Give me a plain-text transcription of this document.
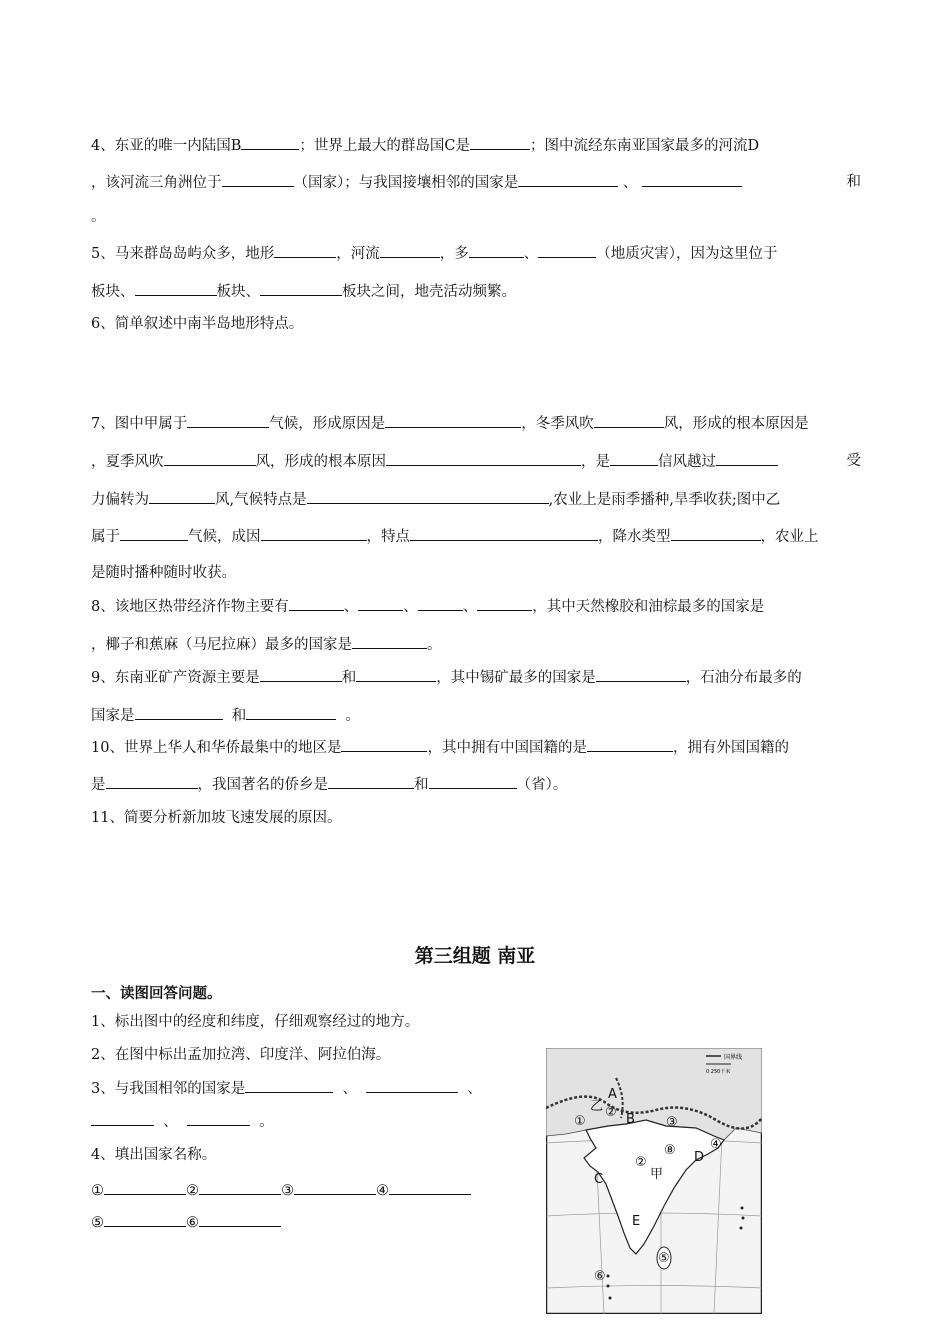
4、东亚的唯一内陆国B	；世界上最大的群岛国C是	；图中流经东南亚国家最多的河流D
，该河流三角洲位于	（国家）；与我国接壤相邻的国家是	、	和
。
5、马来群岛岛屿众多，地形	，河流	，多	、	（地质灾害），因为这里位于
板块、	板块、	板块之间，地壳活动频繁。
6、简单叙述中南半岛地形特点。
7、图中甲属于	气候，形成原因是	，冬季风吹	风，形成的根本原因是
，夏季风吹	风，形成的根本原因	，是	信风越过	受
力偏转为	风,气候特点是	,农业上是雨季播种,旱季收获;图中乙
属于	气候，成因	，特点	，降水类型	，农业上
是随时播种随时收获。
8、该地区热带经济作物主要有	、	、	、	，其中天然橡胶和油棕最多的国家是
，椰子和蕉麻（马尼拉麻）最多的国家是	。
9、东南亚矿产资源主要是	和	，其中锡矿最多的国家是	，石油分布最多的
国家是	和	。
10、世界上华人和华侨最集中的地区是	，其中拥有中国国籍的是	，拥有外国国籍的
是	，我国著名的侨乡是	和	（省）。
11、简要分析新加坡飞速发展的原因。
第三组题 南亚
一、读图回答问题。
1、标出图中的经度和纬度，仔细观察经过的地方。
2、在图中标出孟加拉湾、印度洋、阿拉伯海。
3、与我国相邻的国家是	、	、
、	。
4、填出国家名称。
①	②	③	④
⑤	⑥
国界线
0 250千米
A
B
C
D
E
甲
乙
①
②
②
③
④
⑤
⑥
⑧
